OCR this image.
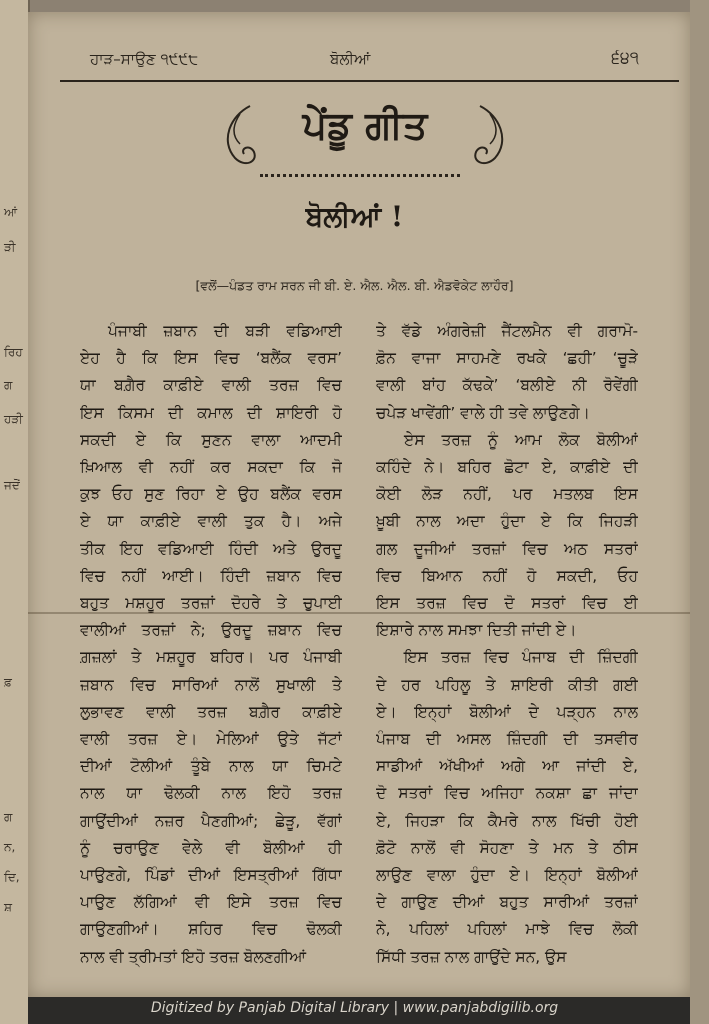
ਆਂ
ੜੀ
ਰਿਹ
ਗ
ਹੜੀ
ਜਦੋਂ
ਫ਼
ਗ
ਨ,
ਦਿ,
ਸ਼
ਹਾੜ–ਸਾਉਣ ੧੯੯੮	ਬੋਲੀਆਂ	੬੪੧
ਪੇਂਡੂ ਗੀਤ
ਬੋਲੀਆਂ !
[ਵਲੋਂ—ਪੰਡਤ ਰਾਮ ਸਰਨ ਜੀ ਬੀ. ਏ. ਐਲ. ਐਲ. ਬੀ. ਐਡਵੋਕੇਟ ਲਾਹੌਰ]
ਪੰਜਾਬੀ ਜ਼ਬਾਨ ਦੀ ਬੜੀ ਵਡਿਆਈ
ਏਹ ਹੈ ਕਿ ਇਸ ਵਿਚ ‘ਬਲੈਂਕ ਵਰਸ’
ਯਾ ਬਗ਼ੈਰ ਕਾਫ਼ੀਏ ਵਾਲੀ ਤਰਜ਼ ਵਿਚ
ਇਸ ਕਿਸਮ ਦੀ ਕਮਾਲ ਦੀ ਸ਼ਾਇਰੀ ਹੋ
ਸਕਦੀ ਏ ਕਿ ਸੁਣਨ ਵਾਲਾ ਆਦਮੀ
ਖ਼ਿਆਲ ਵੀ ਨਹੀਂ ਕਰ ਸਕਦਾ ਕਿ ਜੋ
ਕੁਝ ਓਹ ਸੁਣ ਰਿਹਾ ਏ ਉਹ ਬਲੈਂਕ ਵਰਸ
ਏ ਯਾ ਕਾਫ਼ੀਏ ਵਾਲੀ ਤੁਕ ਹੈ। ਅਜੇ
ਤੀਕ ਇਹ ਵਡਿਆਈ ਹਿੰਦੀ ਅਤੇ ਉਰਦੂ
ਵਿਚ ਨਹੀਂ ਆਈ। ਹਿੰਦੀ ਜ਼ਬਾਨ ਵਿਚ
ਬਹੁਤ ਮਸ਼ਹੂਰ ਤਰਜ਼ਾਂ ਦੋਹਰੇ ਤੇ ਚੁਪਾਈ
ਵਾਲੀਆਂ ਤਰਜ਼ਾਂ ਨੇ; ਉਰਦੂ ਜ਼ਬਾਨ ਵਿਚ
ਗ਼ਜ਼ਲਾਂ ਤੇ ਮਸ਼ਹੂਰ ਬਹਿਰ। ਪਰ ਪੰਜਾਬੀ
ਜ਼ਬਾਨ ਵਿਚ ਸਾਰਿਆਂ ਨਾਲੋਂ ਸੁਖਾਲੀ ਤੇ
ਲੁਭਾਵਣ ਵਾਲੀ ਤਰਜ਼ ਬਗ਼ੈਰ ਕਾਫ਼ੀਏ
ਵਾਲੀ ਤਰਜ਼ ਏ। ਮੇਲਿਆਂ ਉਤੇ ਜੱਟਾਂ
ਦੀਆਂ ਟੋਲੀਆਂ ਤੂੰਬੇ ਨਾਲ ਯਾ ਚਿਮਟੇ
ਨਾਲ ਯਾ ਢੋਲਕੀ ਨਾਲ ਇਹੋ ਤਰਜ਼
ਗਾਉਂਦੀਆਂ ਨਜ਼ਰ ਪੈਣਗੀਆਂ; ਛੇੜੂ, ਵੱਗਾਂ
ਨੂੰ ਚਰਾਉਣ ਵੇਲੇ ਵੀ ਬੋਲੀਆਂ ਹੀ
ਪਾਉਣਗੇ, ਪਿੰਡਾਂ ਦੀਆਂ ਇਸਤ੍ਰੀਆਂ ਗਿੱਧਾ
ਪਾਉਣ ਲੱਗਿਆਂ ਵੀ ਇਸੇ ਤਰਜ਼ ਵਿਚ
ਗਾਉਣਗੀਆਂ। ਸ਼ਹਿਰ ਵਿਚ ਢੋਲਕੀ
ਨਾਲ ਵੀ ਤ੍ਰੀਮਤਾਂ ਇਹੋ ਤਰਜ਼ ਬੋਲਣਗੀਆਂ
ਤੇ ਵੱਡੇ ਅੰਗਰੇਜ਼ੀ ਜੈਂਟਲਮੈਨ ਵੀ ਗਰਾਮੋ-
ਫ਼ੋਨ ਵਾਜਾ ਸਾਹਮਣੇ ਰਖਕੇ ‘ਛਹੀ’ ‘ਚੂੜੇ
ਵਾਲੀ ਬਾਂਹ ਕੱਢਕੇ’ ‘ਬਲੀਏ ਨੀ ਰੋਵੇਂਗੀ
ਚਪੇੜ ਖਾਵੇਂਗੀ’ ਵਾਲੇ ਹੀ ਤਵੇ ਲਾਉਣਗੇ।
ਏਸ ਤਰਜ਼ ਨੂੰ ਆਮ ਲੋਕ ਬੋਲੀਆਂ
ਕਹਿੰਦੇ ਨੇ। ਬਹਿਰ ਛੋਟਾ ਏ, ਕਾਫ਼ੀਏ ਦੀ
ਕੋਈ ਲੋੜ ਨਹੀਂ, ਪਰ ਮਤਲਬ ਇਸ
ਖ਼ੂਬੀ ਨਾਲ ਅਦਾ ਹੁੰਦਾ ਏ ਕਿ ਜਿਹੜੀ
ਗਲ ਦੂਜੀਆਂ ਤਰਜ਼ਾਂ ਵਿਚ ਅਠ ਸਤਰਾਂ
ਵਿਚ ਬਿਆਨ ਨਹੀਂ ਹੋ ਸਕਦੀ, ਓਹ
ਇਸ ਤਰਜ਼ ਵਿਚ ਦੋ ਸਤਰਾਂ ਵਿਚ ਈ
ਇਸ਼ਾਰੇ ਨਾਲ ਸਮਝਾ ਦਿਤੀ ਜਾਂਦੀ ਏ।
ਇਸ ਤਰਜ਼ ਵਿਚ ਪੰਜਾਬ ਦੀ ਜ਼ਿੰਦਗੀ
ਦੇ ਹਰ ਪਹਿਲੂ ਤੇ ਸ਼ਾਇਰੀ ਕੀਤੀ ਗਈ
ਏ। ਇਨ੍ਹਾਂ ਬੋਲੀਆਂ ਦੇ ਪੜ੍ਹਨ ਨਾਲ
ਪੰਜਾਬ ਦੀ ਅਸਲ ਜ਼ਿੰਦਗੀ ਦੀ ਤਸਵੀਰ
ਸਾਡੀਆਂ ਅੱਖੀਆਂ ਅਗੇ ਆ ਜਾਂਦੀ ਏ,
ਦੋ ਸਤਰਾਂ ਵਿਚ ਅਜਿਹਾ ਨਕਸ਼ਾ ਛਾ ਜਾਂਦਾ
ਏ, ਜਿਹੜਾ ਕਿ ਕੈਮਰੇ ਨਾਲ ਖਿੱਚੀ ਹੋਈ
ਫ਼ੋਟੋ ਨਾਲੋਂ ਵੀ ਸੋਹਣਾ ਤੇ ਮਨ ਤੇ ਠੀਸ
ਲਾਉਣ ਵਾਲਾ ਹੁੰਦਾ ਏ। ਇਨ੍ਹਾਂ ਬੋਲੀਆਂ
ਦੇ ਗਾਉਣ ਦੀਆਂ ਬਹੁਤ ਸਾਰੀਆਂ ਤਰਜ਼ਾਂ
ਨੇ, ਪਹਿਲਾਂ ਪਹਿਲਾਂ ਮਾਝੇ ਵਿਚ ਲੋਕੀ
ਸਿੱਧੀ ਤਰਜ਼ ਨਾਲ ਗਾਉਂਦੇ ਸਨ, ਉਸ
Digitized by Panjab Digital Library | www.panjabdigilib.org
